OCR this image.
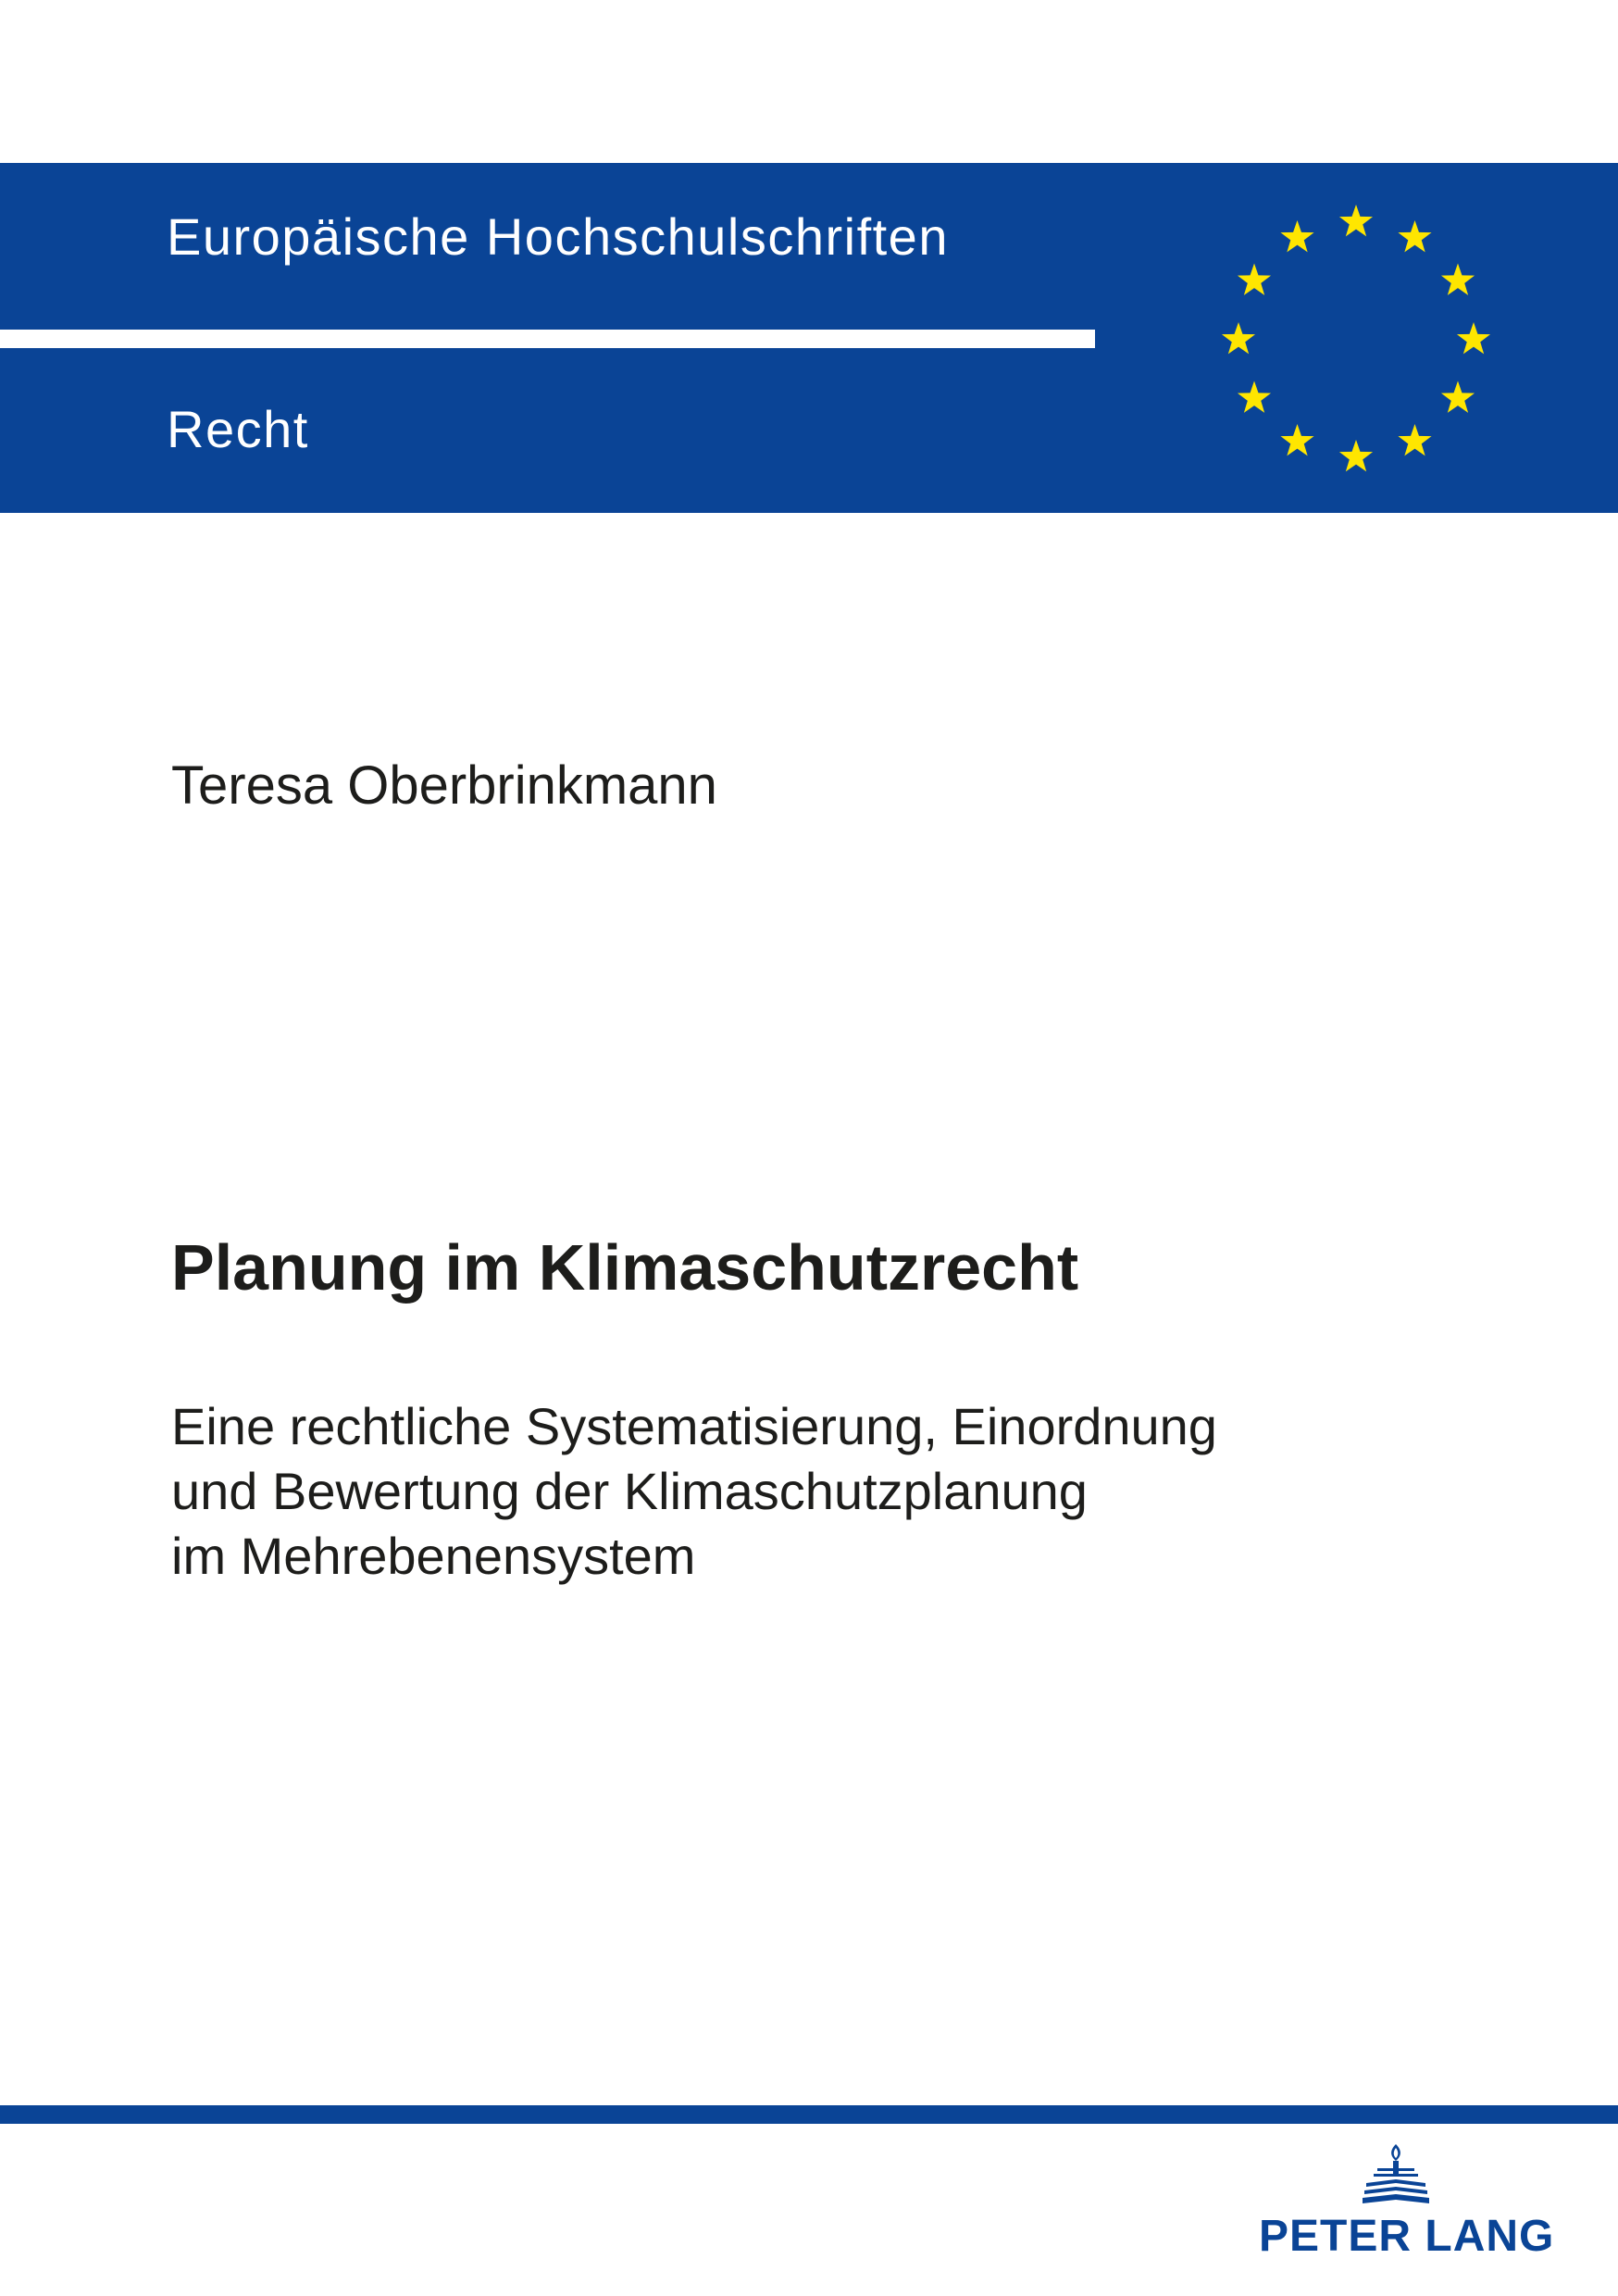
Europäische Hochschulschriften
Recht
Teresa Oberbrinkmann
Planung im Klimaschutzrecht
Eine rechtliche Systematisierung, Einordnung
und Bewertung der Klimaschutzplanung
im Mehrebenensystem
PETER LANG
